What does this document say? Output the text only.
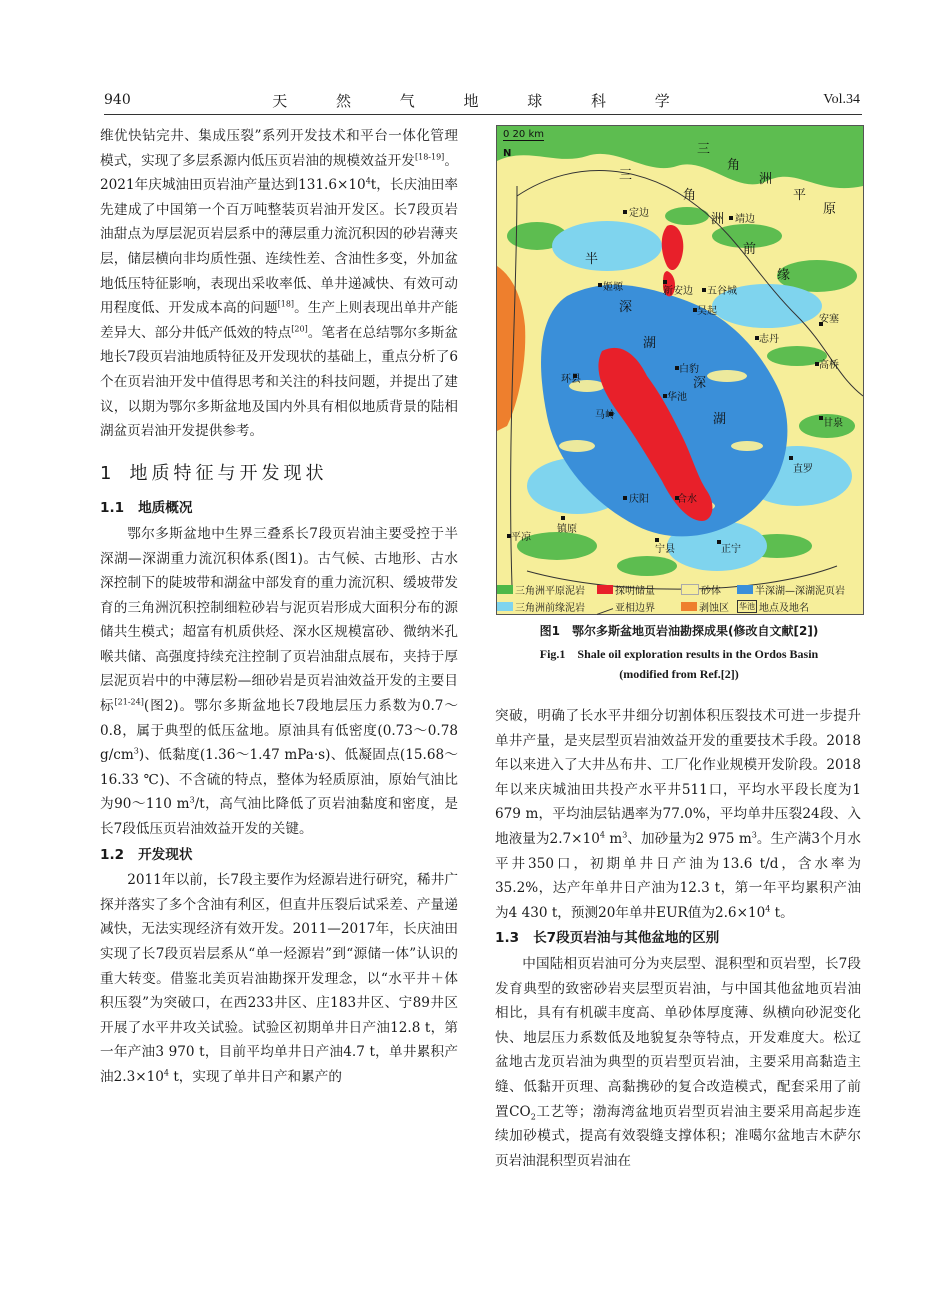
940	天 然 气 地 球 科 学	Vol.34

维优快钻完井、集成压裂”系列开发技术和平台一体化管理模式，实现了多层系源内低压页岩油的规模效益开发[18-19]。2021年庆城油田页岩油产量达到$131.6\times 10^4t$，长庆油田率先建成了中国第一个百万吨整装页岩油开发区。长7段页岩油甜点为厚层泥页岩层系中的薄层重力流沉积因的砂岩薄夹层，储层横向非均质性强、连续性差、含油性多变，外加盆地低压特征影响，表现出采收率低、单井递减快、有效可动用程度低、开发成本高的问题[18]。生产上则表现出单井产能差异大、部分井低产低效的特点[20]。笔者在总结鄂尔多斯盆地长7段页岩油地质特征及开发现状的基础上，重点分析了6个在页岩油开发中值得思考和关注的科技问题，并提出了建议，以期为鄂尔多斯盆地及国内外具有相似地质背景的陆相湖盆页岩油开发提供参考。

1 地质特征与开发现状
1.1 地质概况

鄂尔多斯盆地中生界三叠系长7段页岩油主要受控于半深湖—深湖重力流沉积体系(图1)。古气候、古地形、古水深控制下的陡坡带和湖盆中部发育的重力流沉积、缓坡带发育的三角洲沉积控制细粒砂岩与泥页岩形成大面积分布的源储共生模式；超富有机质供烃、深水区规模富砂、微纳米孔喉共储、高强度持续充注控制了页岩油甜点展布，夹持于厚层泥页岩中的中薄层粉—细砂岩是页岩油效益开发的主要目标[21-24](图2)。鄂尔多斯盆地长7段地层压力系数为0.7～0.8，属于典型的低压盆地。原油具有低密度(0.73～0.78 $g/cm^3$)、低黏度(1.36～1.47 mPa·s)、低凝固点(15.68～16.33 ℃)、不含硫的特点，整体为轻质原油，原始气油比为90～110 $m^3/t$，高气油比降低了页岩油黏度和密度，是长7段低压页岩油效益开发的关键。

1.2 开发现状

2011年以前，长7段主要作为烃源岩进行研究，稀井广探并落实了多个含油有利区，但直井压裂后试采差、产量递减快，无法实现经济有效开发。2011—2017年，长庆油田实现了长7段页岩层系从“单一烃源岩”到“源储一体”认识的重大转变。借鉴北美页岩油勘探开发理念，以“水平井＋体积压裂”为突破口，在西233井区、庄183井区、宁89井区开展了水平井攻关试验。试验区初期单井日产油12.8 t，第一年产油3 970 t，目前平均单井日产油4.7 t，单井累积产油$2.3\times 10^4$ t，实现了单井日产和累产的

0 20 km
N	三
角
洲
平
原
三
角
洲
前
缘
半
深
湖
深
湖
定边
靖边
姬塬	新安边 五谷城
吴起
志丹
安塞
高桥
白豹
环县
华池
马岭
甘泉
直罗
庆阳	合水
镇原
平凉
宁县	正宁
三角洲平原泥岩	探明储量	砂体	半深湖—深湖泥页岩
三角洲前缘泥岩	亚相边界	剥蚀区 华池 地点及地名
图1　鄂尔多斯盆地页岩油勘探成果(修改自文献[2])
Fig.1　Shale oil exploration results in the Ordos Basin
(modified from Ref.[2])

突破，明确了长水平井细分切割体积压裂技术可进一步提升单井产量，是夹层型页岩油效益开发的重要技术手段。2018年以来进入了大井丛布井、工厂化作业规模开发阶段。2018年以来庆城油田共投产水平井511口，平均水平段长度为1 679 m，平均油层钻遇率为77.0%，平均单井压裂24段、入地液量为$2.7\times 10^4$ $m^3$、加砂量为2 975 $m^3$。生产满3个月水平井350口，初期单井日产油为13.6 t/d，含水率为35.2%，达产年单井日产油为12.3 t，第一年平均累积产油为4 430 t，预测20年单井EUR值为$2.6\times 10^4$ t。

1.3 长7段页岩油与其他盆地的区别

中国陆相页岩油可分为夹层型、混积型和页岩型，长7段发育典型的致密砂岩夹层型页岩油，与中国其他盆地页岩油相比，具有有机碳丰度高、单砂体厚度薄、纵横向砂泥变化快、地层压力系数低及地貌复杂等特点，开发难度大。松辽盆地古龙页岩油为典型的页岩型页岩油，主要采用高黏造主缝、低黏开页理、高黏携砂的复合改造模式，配套采用了前置$CO_2$工艺等；渤海湾盆地页岩型页岩油主要采用高起步连续加砂模式，提高有效裂缝支撑体积；准噶尔盆地吉木萨尔页岩油混积型页岩油在
